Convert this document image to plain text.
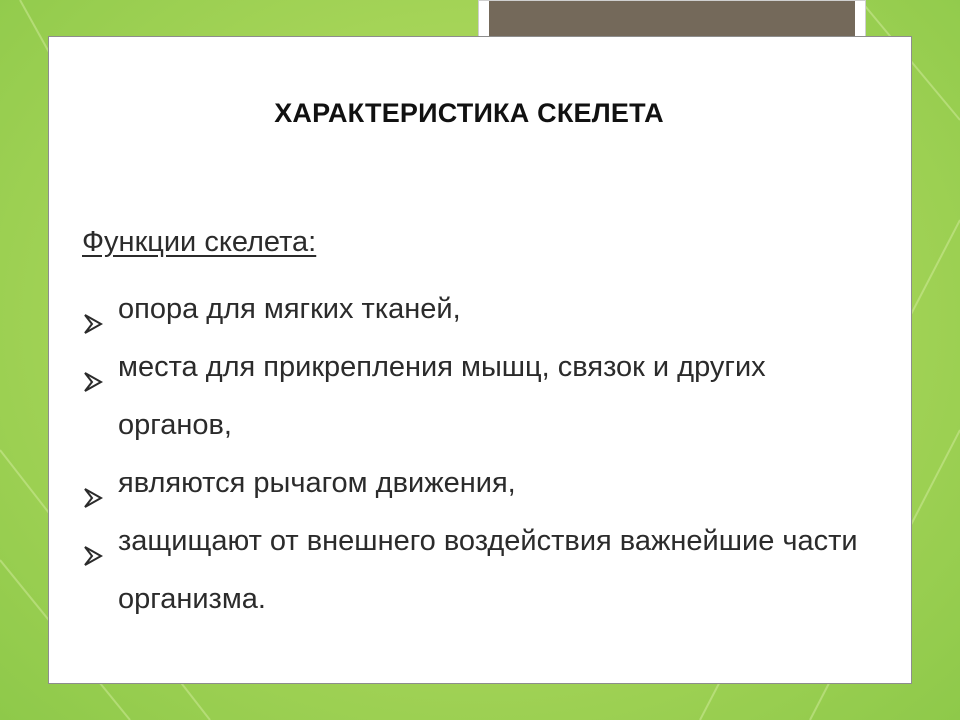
ХАРАКТЕРИСТИКА СКЕЛЕТА
Функции скелета:
опора для мягких тканей,
места для прикрепления мышц, связок и других органов,
являются рычагом движения,
защищают от внешнего воздействия важнейшие части организма.
